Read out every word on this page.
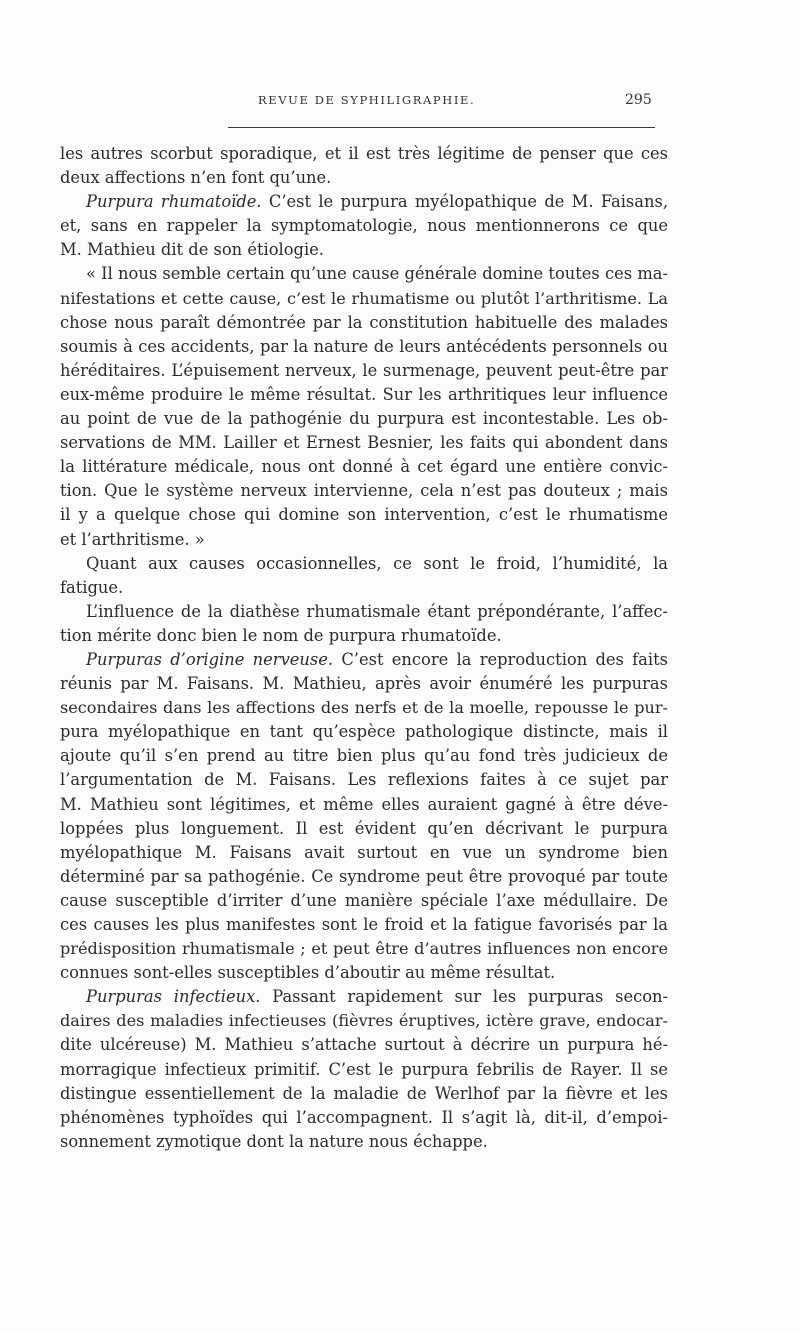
REVUE DE SYPHILIGRAPHIE.	295
les autres scorbut sporadique, et il est très légitime de penser que ces
deux affections n’en font qu’une.
Purpura rhumatoïde. C’est le purpura myélopathique de M. Faisans,
et, sans en rappeler la symptomatologie, nous mentionnerons ce que
M. Mathieu dit de son étiologie.
« Il nous semble certain qu’une cause générale domine toutes ces ma-
nifestations et cette cause, c’est le rhumatisme ou plutôt l’arthritisme. La
chose nous paraît démontrée par la constitution habituelle des malades
soumis à ces accidents, par la nature de leurs antécédents personnels ou
héréditaires. L’épuisement nerveux, le surmenage, peuvent peut-être par
eux-même produire le même résultat. Sur les arthritiques leur influence
au point de vue de la pathogénie du purpura est incontestable. Les ob-
servations de MM. Lailler et Ernest Besnier, les faits qui abondent dans
la littérature médicale, nous ont donné à cet égard une entière convic-
tion. Que le système nerveux intervienne, cela n’est pas douteux ; mais
il y a quelque chose qui domine son intervention, c’est le rhumatisme
et l’arthritisme. »
Quant aux causes occasionnelles, ce sont le froid, l’humidité, la
fatigue.
L’influence de la diathèse rhumatismale étant prépondérante, l’affec-
tion mérite donc bien le nom de purpura rhumatoïde.
Purpuras d’origine nerveuse. C’est encore la reproduction des faits
réunis par M. Faisans. M. Mathieu, après avoir énuméré les purpuras
secondaires dans les affections des nerfs et de la moelle, repousse le pur-
pura myélopathique en tant qu’espèce pathologique distincte, mais il
ajoute qu’il s’en prend au titre bien plus qu’au fond très judicieux de
l’argumentation de M. Faisans. Les reflexions faites à ce sujet par
M. Mathieu sont légitimes, et même elles auraient gagné à être déve-
loppées plus longuement. Il est évident qu’en décrivant le purpura
myélopathique M. Faisans avait surtout en vue un syndrome bien
déterminé par sa pathogénie. Ce syndrome peut être provoqué par toute
cause susceptible d’irriter d’une manière spéciale l’axe médullaire. De
ces causes les plus manifestes sont le froid et la fatigue favorisés par la
prédisposition rhumatismale ; et peut être d’autres influences non encore
connues sont-elles susceptibles d’aboutir au même résultat.
Purpuras infectieux. Passant rapidement sur les purpuras secon-
daires des maladies infectieuses (fièvres éruptives, ictère grave, endocar-
dite ulcéreuse) M. Mathieu s’attache surtout à décrire un purpura hé-
morragique infectieux primitif. C’est le purpura febrilis de Rayer. Il se
distingue essentiellement de la maladie de Werlhof par la fièvre et les
phénomènes typhoïdes qui l’accompagnent. Il s’agit là, dit-il, d’empoi-
sonnement zymotique dont la nature nous échappe.
